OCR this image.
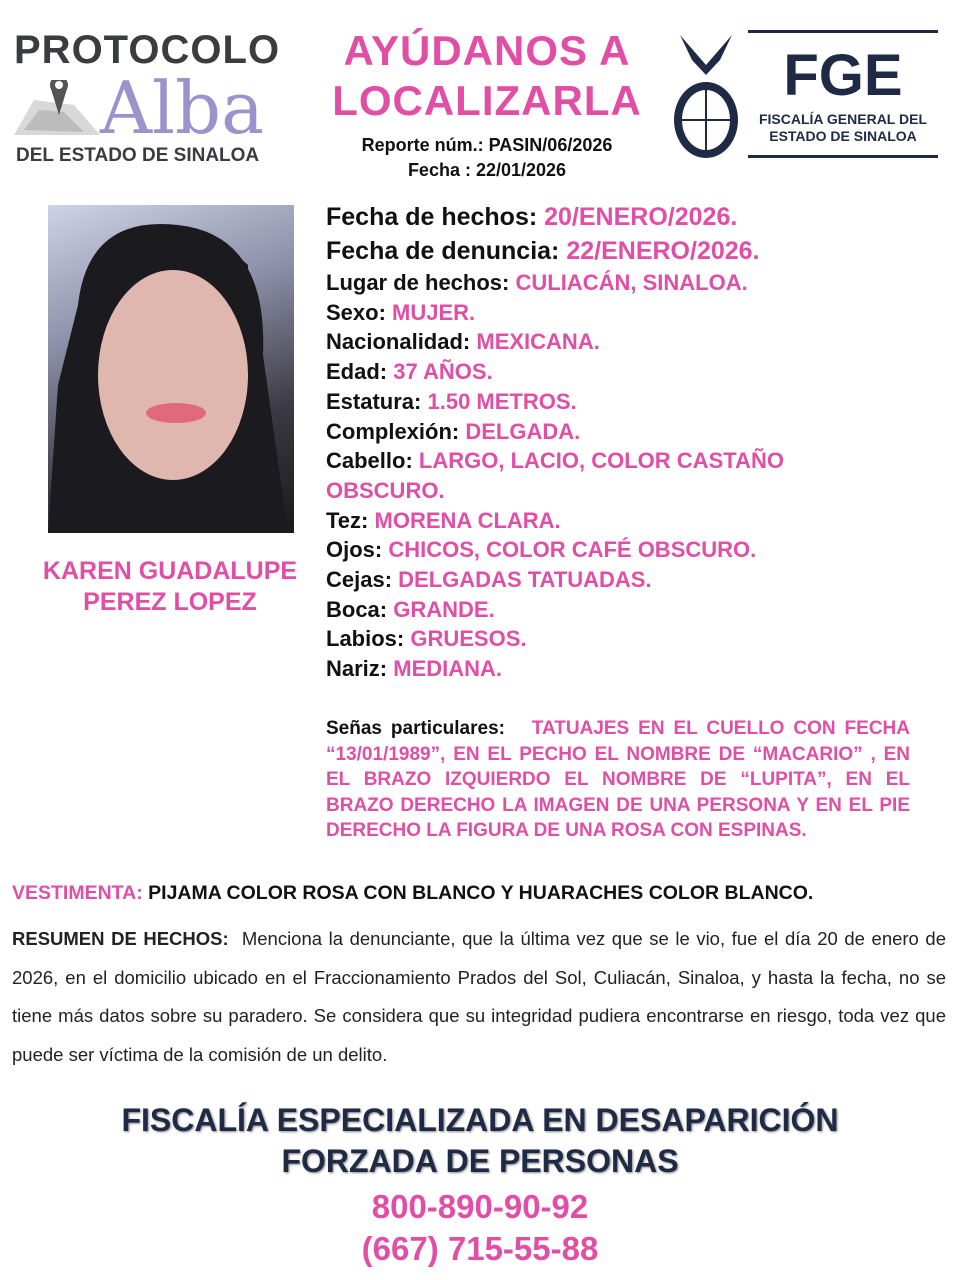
PROTOCOLO
Alba
DEL ESTADO DE SINALOA
AYÚDANOS A
LOCALIZARLA
Reporte núm.: PASIN/06/2026
Fecha : 22/01/2026
FGE
FISCALÍA GENERAL DEL
ESTADO DE SINALOA
KAREN GUADALUPE
PEREZ LOPEZ
Fecha de hechos: 20/ENERO/2026.
Fecha de denuncia: 22/ENERO/2026.
Lugar de hechos: CULIACÁN, SINALOA.
Sexo: MUJER.
Nacionalidad: MEXICANA.
Edad: 37 AÑOS.
Estatura: 1.50 METROS.
Complexión: DELGADA.
Cabello: LARGO, LACIO, COLOR CASTAÑO OBSCURO.
Tez: MORENA CLARA.
Ojos: CHICOS, COLOR CAFÉ OBSCURO.
Cejas: DELGADAS TATUADAS.
Boca: GRANDE.
Labios: GRUESOS.
Nariz: MEDIANA.
Señas particulares: TATUAJES EN EL CUELLO CON FECHA “13/01/1989”, EN EL PECHO EL NOMBRE DE “MACARIO” , EN EL BRAZO IZQUIERDO EL NOMBRE DE “LUPITA”, EN EL BRAZO DERECHO LA IMAGEN DE UNA PERSONA Y EN EL PIE DERECHO LA FIGURA DE UNA ROSA CON ESPINAS.
VESTIMENTA: PIJAMA COLOR ROSA CON BLANCO Y HUARACHES COLOR BLANCO.
RESUMEN DE HECHOS: Menciona la denunciante, que la última vez que se le vio, fue el día 20 de enero de 2026, en el domicilio ubicado en el Fraccionamiento Prados del Sol, Culiacán, Sinaloa, y hasta la fecha, no se tiene más datos sobre su paradero. Se considera que su integridad pudiera encontrarse en riesgo, toda vez que puede ser víctima de la comisión de un delito.
FISCALÍA ESPECIALIZADA EN DESAPARICIÓN
FORZADA DE PERSONAS
800-890-90-92
(667) 715-55-88
